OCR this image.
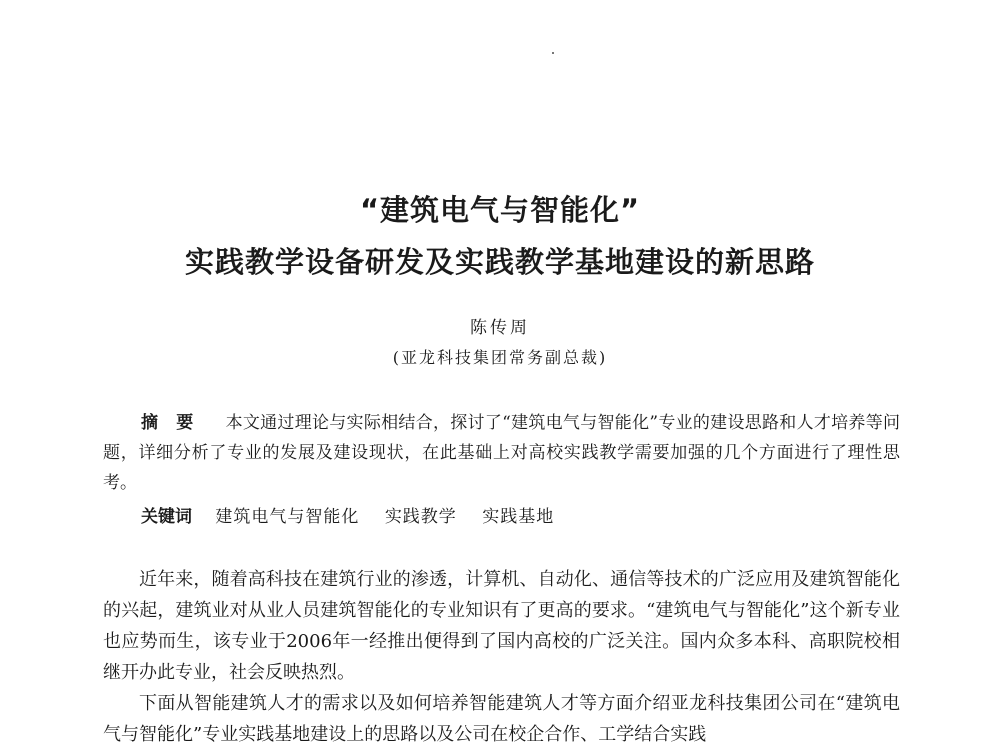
“建筑电气与智能化”
实践教学设备研发及实践教学基地建设的新思路
陈传周
(亚龙科技集团常务副总裁)
摘要 本文通过理论与实际相结合，探讨了“建筑电气与智能化”专业的建设思路和人才培养等问题，详细分析了专业的发展及建设现状，在此基础上对高校实践教学需要加强的几个方面进行了理性思考。
关键词 建筑电气与智能化 实践教学 实践基地

近年来，随着高科技在建筑行业的渗透，计算机、自动化、通信等技术的广泛应用及建筑智能化的兴起，建筑业对从业人员建筑智能化的专业知识有了更高的要求。“建筑电气与智能化”这个新专业也应势而生，该专业于2006年一经推出便得到了国内高校的广泛关注。国内众多本科、高职院校相继开办此专业，社会反映热烈。

下面从智能建筑人才的需求以及如何培养智能建筑人才等方面介绍亚龙科技集团公司在“建筑电气与智能化”专业实践基地建设上的思路以及公司在校企合作、工学结合实践
